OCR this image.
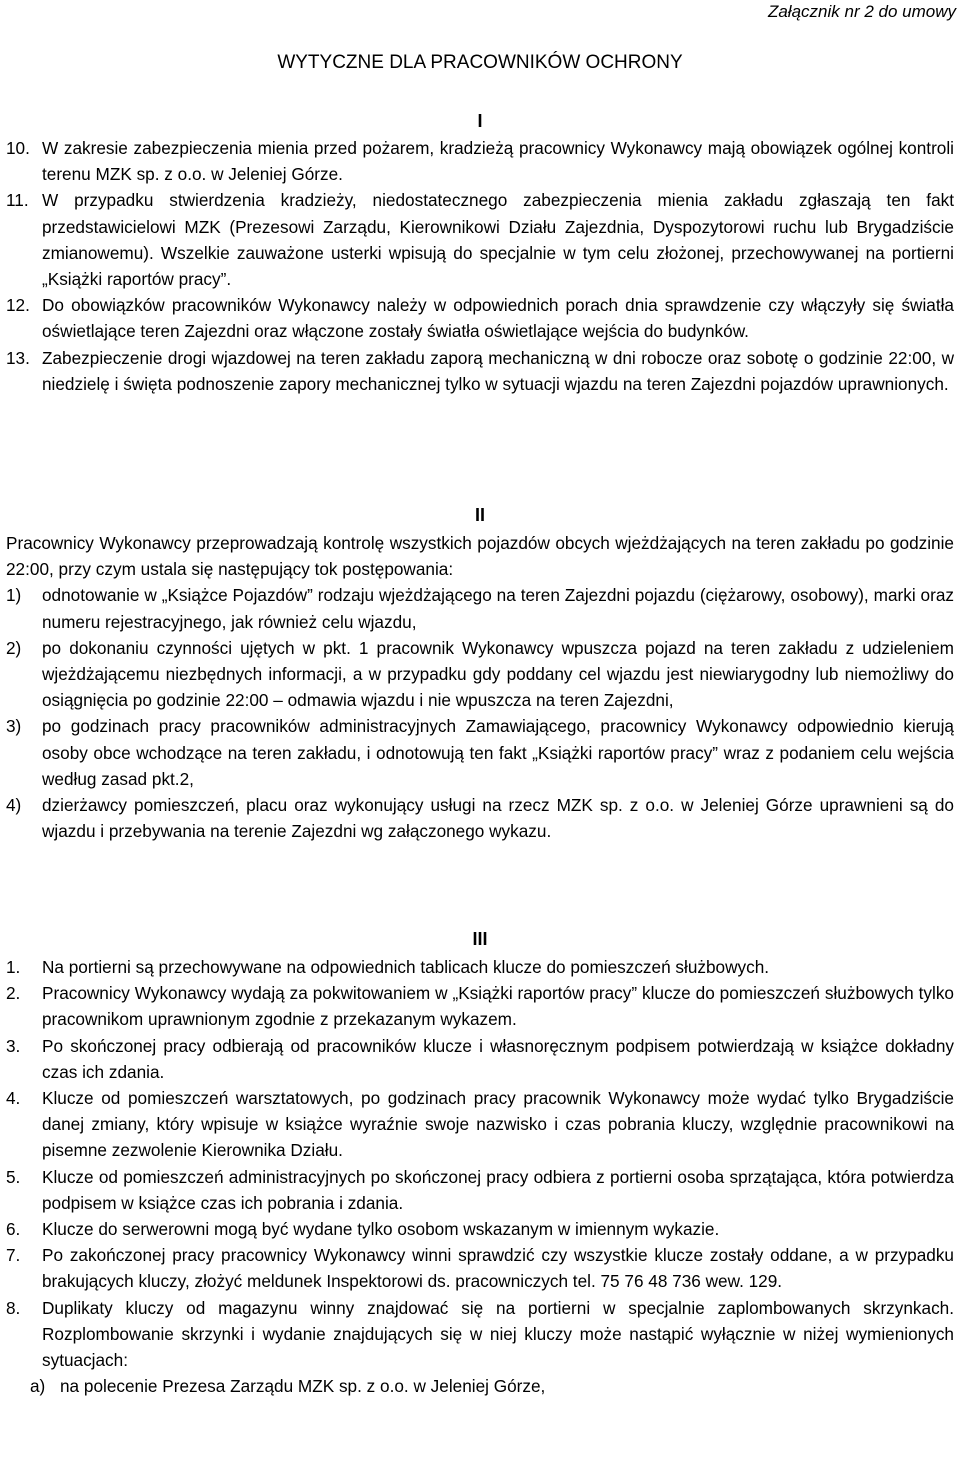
Załącznik nr 2 do umowy
WYTYCZNE DLA PRACOWNIKÓW OCHRONY
I
10. W zakresie zabezpieczenia mienia przed pożarem, kradzieżą pracownicy Wykonawcy mają obowiązek ogólnej kontroli terenu MZK sp. z o.o. w Jeleniej Górze.
11. W przypadku stwierdzenia kradzieży, niedostatecznego zabezpieczenia mienia zakładu zgłaszają ten fakt przedstawicielowi MZK (Prezesowi Zarządu, Kierownikowi Działu Zajezdnia, Dyspozytorowi ruchu lub Brygadziście zmianowemu). Wszelkie zauważone usterki wpisują do specjalnie w tym celu złożonej, przechowywanej na portierni „Książki raportów pracy”.
12. Do obowiązków pracowników Wykonawcy należy w odpowiednich porach dnia sprawdzenie czy włączyły się światła oświetlające teren Zajezdni oraz włączone zostały światła oświetlające wejścia do budynków.
13. Zabezpieczenie drogi wjazdowej na teren zakładu zaporą mechaniczną w dni robocze oraz sobotę o godzinie 22:00, w niedzielę i święta podnoszenie zapory mechanicznej tylko w sytuacji wjazdu na teren Zajezdni pojazdów uprawnionych.
II
Pracownicy Wykonawcy przeprowadzają kontrolę wszystkich pojazdów obcych wjeżdżających na teren zakładu po godzinie 22:00, przy czym ustala się następujący tok postępowania:
1)	odnotowanie w „Książce Pojazdów” rodzaju wjeżdżającego na teren Zajezdni pojazdu (ciężarowy, osobowy), marki oraz numeru rejestracyjnego, jak również celu wjazdu,
2)	po dokonaniu czynności ujętych w pkt. 1 pracownik Wykonawcy wpuszcza pojazd na teren zakładu z udzieleniem wjeżdżającemu niezbędnych informacji, a w przypadku gdy poddany cel wjazdu jest niewiarygodny lub niemożliwy do osiągnięcia po godzinie 22:00 – odmawia wjazdu i nie wpuszcza na teren Zajezdni,
3)	po godzinach pracy pracowników administracyjnych Zamawiającego, pracownicy Wykonawcy odpowiednio kierują osoby obce wchodzące na teren zakładu, i odnotowują ten fakt „Książki raportów pracy” wraz z podaniem celu wejścia według zasad pkt.2,
4)	dzierżawcy pomieszczeń, placu oraz wykonujący usługi na rzecz MZK sp. z o.o. w Jeleniej Górze uprawnieni są do wjazdu i przebywania na terenie Zajezdni wg załączonego wykazu.
III
1.	Na portierni są przechowywane na odpowiednich tablicach klucze do pomieszczeń służbowych.
2.	Pracownicy Wykonawcy wydają za pokwitowaniem w „Książki raportów pracy” klucze do pomieszczeń służbowych tylko pracownikom uprawnionym zgodnie z przekazanym wykazem.
3.	Po skończonej pracy odbierają od pracowników klucze i własnoręcznym podpisem potwierdzają w książce dokładny czas ich zdania.
4.	Klucze od pomieszczeń warsztatowych, po godzinach pracy pracownik Wykonawcy może wydać tylko Brygadziście danej zmiany, który wpisuje w książce wyraźnie swoje nazwisko i czas pobrania kluczy, względnie pracownikowi na pisemne zezwolenie Kierownika Działu.
5.	Klucze od pomieszczeń administracyjnych po skończonej pracy odbiera z portierni osoba sprzątająca, która potwierdza podpisem w książce czas ich pobrania i zdania.
6.	Klucze do serwerowni mogą być wydane tylko osobom wskazanym w imiennym wykazie.
7.	Po zakończonej pracy pracownicy Wykonawcy winni sprawdzić czy wszystkie klucze zostały oddane, a w przypadku brakujących kluczy, złożyć meldunek Inspektorowi ds. pracowniczych tel. 75 76 48 736 wew. 129.
8.	Duplikaty kluczy od magazynu winny znajdować się na portierni w specjalnie zaplombowanych skrzynkach. Rozplombowanie skrzynki i wydanie znajdujących się w niej kluczy może nastąpić wyłącznie w niżej wymienionych sytuacjach:
a) na polecenie Prezesa Zarządu MZK sp. z o.o. w Jeleniej Górze,
